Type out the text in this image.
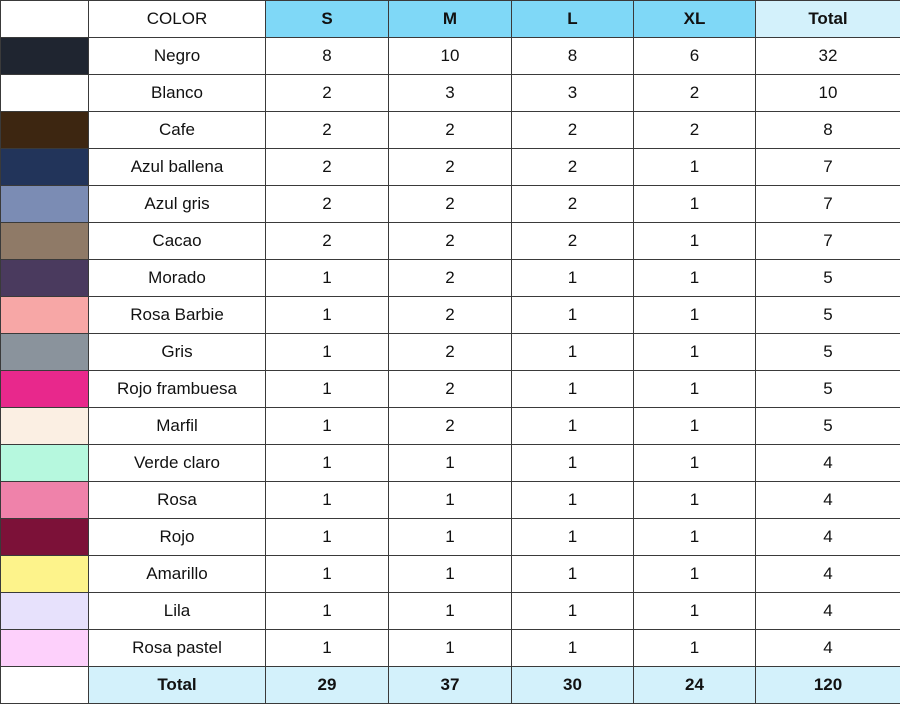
	COLOR	S	M	L	XL	Total
	Negro	8	10	8	6	32
	Blanco	2	3	3	2	10
	Cafe	2	2	2	2	8
	Azul ballena	2	2	2	1	7
	Azul gris	2	2	2	1	7
	Cacao	2	2	2	1	7
	Morado	1	2	1	1	5
	Rosa Barbie	1	2	1	1	5
	Gris	1	2	1	1	5
	Rojo frambuesa	1	2	1	1	5
	Marfil	1	2	1	1	5
	Verde claro	1	1	1	1	4
	Rosa	1	1	1	1	4
	Rojo	1	1	1	1	4
	Amarillo	1	1	1	1	4
	Lila	1	1	1	1	4
	Rosa pastel	1	1	1	1	4
	Total	29	37	30	24	120
